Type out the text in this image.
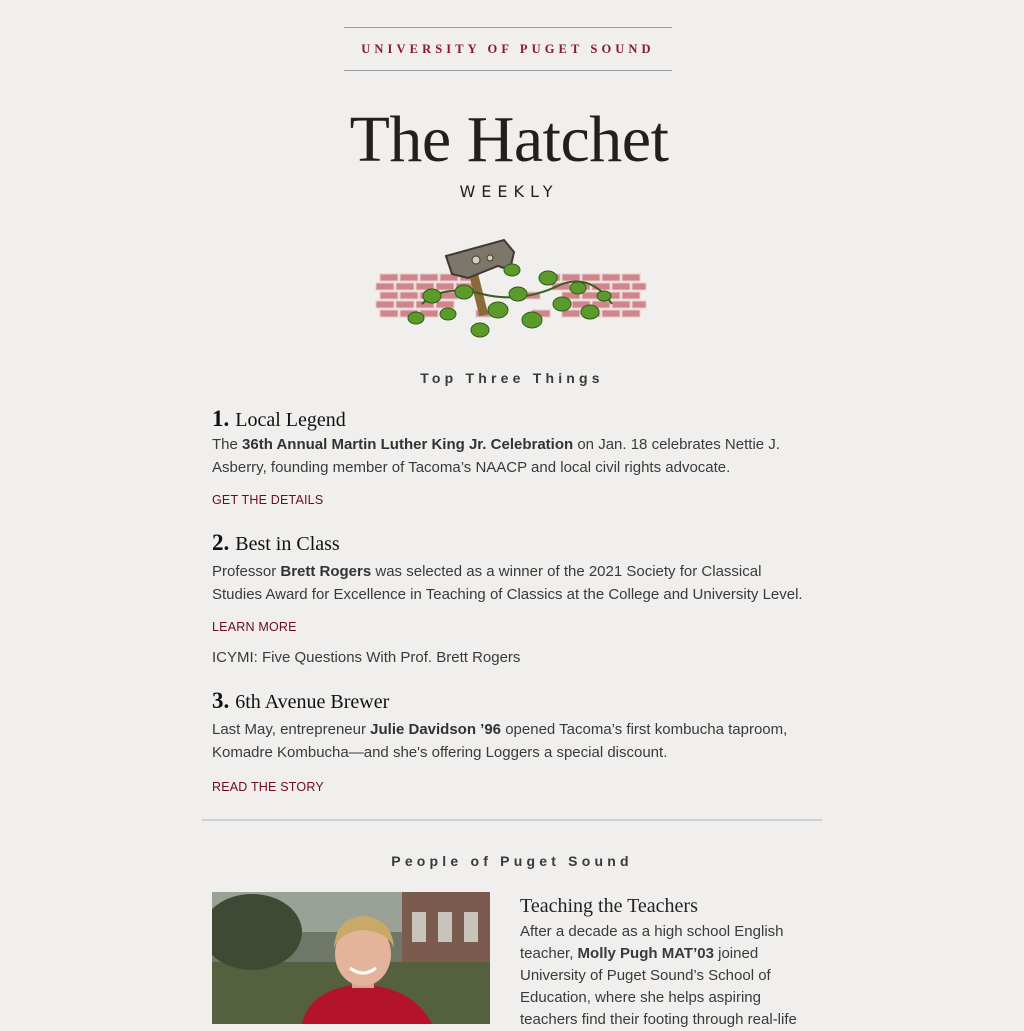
UNIVERSITY OF PUGET SOUND
The Hatchet
WEEKLY
Top Three Things
1. Local Legend
The 36th Annual Martin Luther King Jr. Celebration on Jan. 18 celebrates Nettie J. Asberry, founding member of Tacoma’s NAACP and local civil rights advocate.
GET THE DETAILS
2. Best in Class
Professor Brett Rogers was selected as a winner of the 2021 Society for Classical Studies Award for Excellence in Teaching of Classics at the College and University Level.
LEARN MORE
ICYMI: Five Questions With Prof. Brett Rogers
3. 6th Avenue Brewer
Last May, entrepreneur Julie Davidson ’96 opened Tacoma’s first kombucha taproom, Komadre Kombucha—and she's offering Loggers a special discount.
READ THE STORY
People of Puget Sound
Teaching the Teachers
After a decade as a high school English teacher, Molly Pugh MAT’03 joined University of Puget Sound’s School of Education, where she helps aspiring teachers find their footing through real-life
